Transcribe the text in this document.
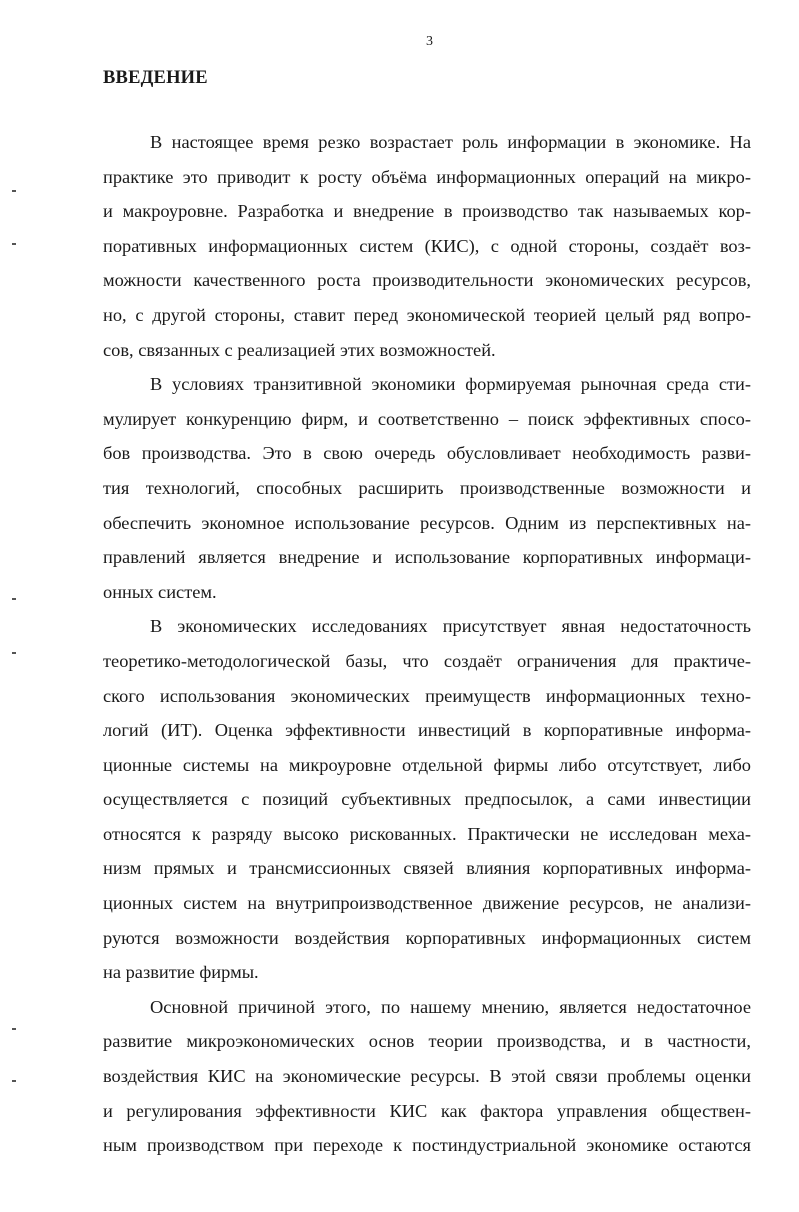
3
ВВЕДЕНИЕ
В настоящее время резко возрастает роль информации в экономике. На
практике это приводит к росту объёма информационных операций на микро-
и макроуровне. Разработка и внедрение в производство так называемых кор-
поративных информационных систем (КИС), с одной стороны, создаёт воз-
можности качественного роста производительности экономических ресурсов,
но, с другой стороны, ставит перед экономической теорией целый ряд вопро-
сов, связанных с реализацией этих возможностей.
В условиях транзитивной экономики формируемая рыночная среда сти-
мулирует конкуренцию фирм, и соответственно – поиск эффективных спосо-
бов производства. Это в свою очередь обусловливает необходимость разви-
тия технологий, способных расширить производственные возможности и
обеспечить экономное использование ресурсов. Одним из перспективных на-
правлений является внедрение и использование корпоративных информаци-
онных систем.
В экономических исследованиях присутствует явная недостаточность
теоретико-методологической базы, что создаёт ограничения для практиче-
ского использования экономических преимуществ информационных техно-
логий (ИТ). Оценка эффективности инвестиций в корпоративные информа-
ционные системы на микроуровне отдельной фирмы либо отсутствует, либо
осуществляется с позиций субъективных предпосылок, а сами инвестиции
относятся к разряду высоко рискованных. Практически не исследован меха-
низм прямых и трансмиссионных связей влияния корпоративных информа-
ционных систем на внутрипроизводственное движение ресурсов, не анализи-
руются возможности воздействия корпоративных информационных систем
на развитие фирмы.
Основной причиной этого, по нашему мнению, является недостаточное
развитие микроэкономических основ теории производства, и в частности,
воздействия КИС на экономические ресурсы. В этой связи проблемы оценки
и регулирования эффективности КИС как фактора управления обществен-
ным производством при переходе к постиндустриальной экономике остаются
